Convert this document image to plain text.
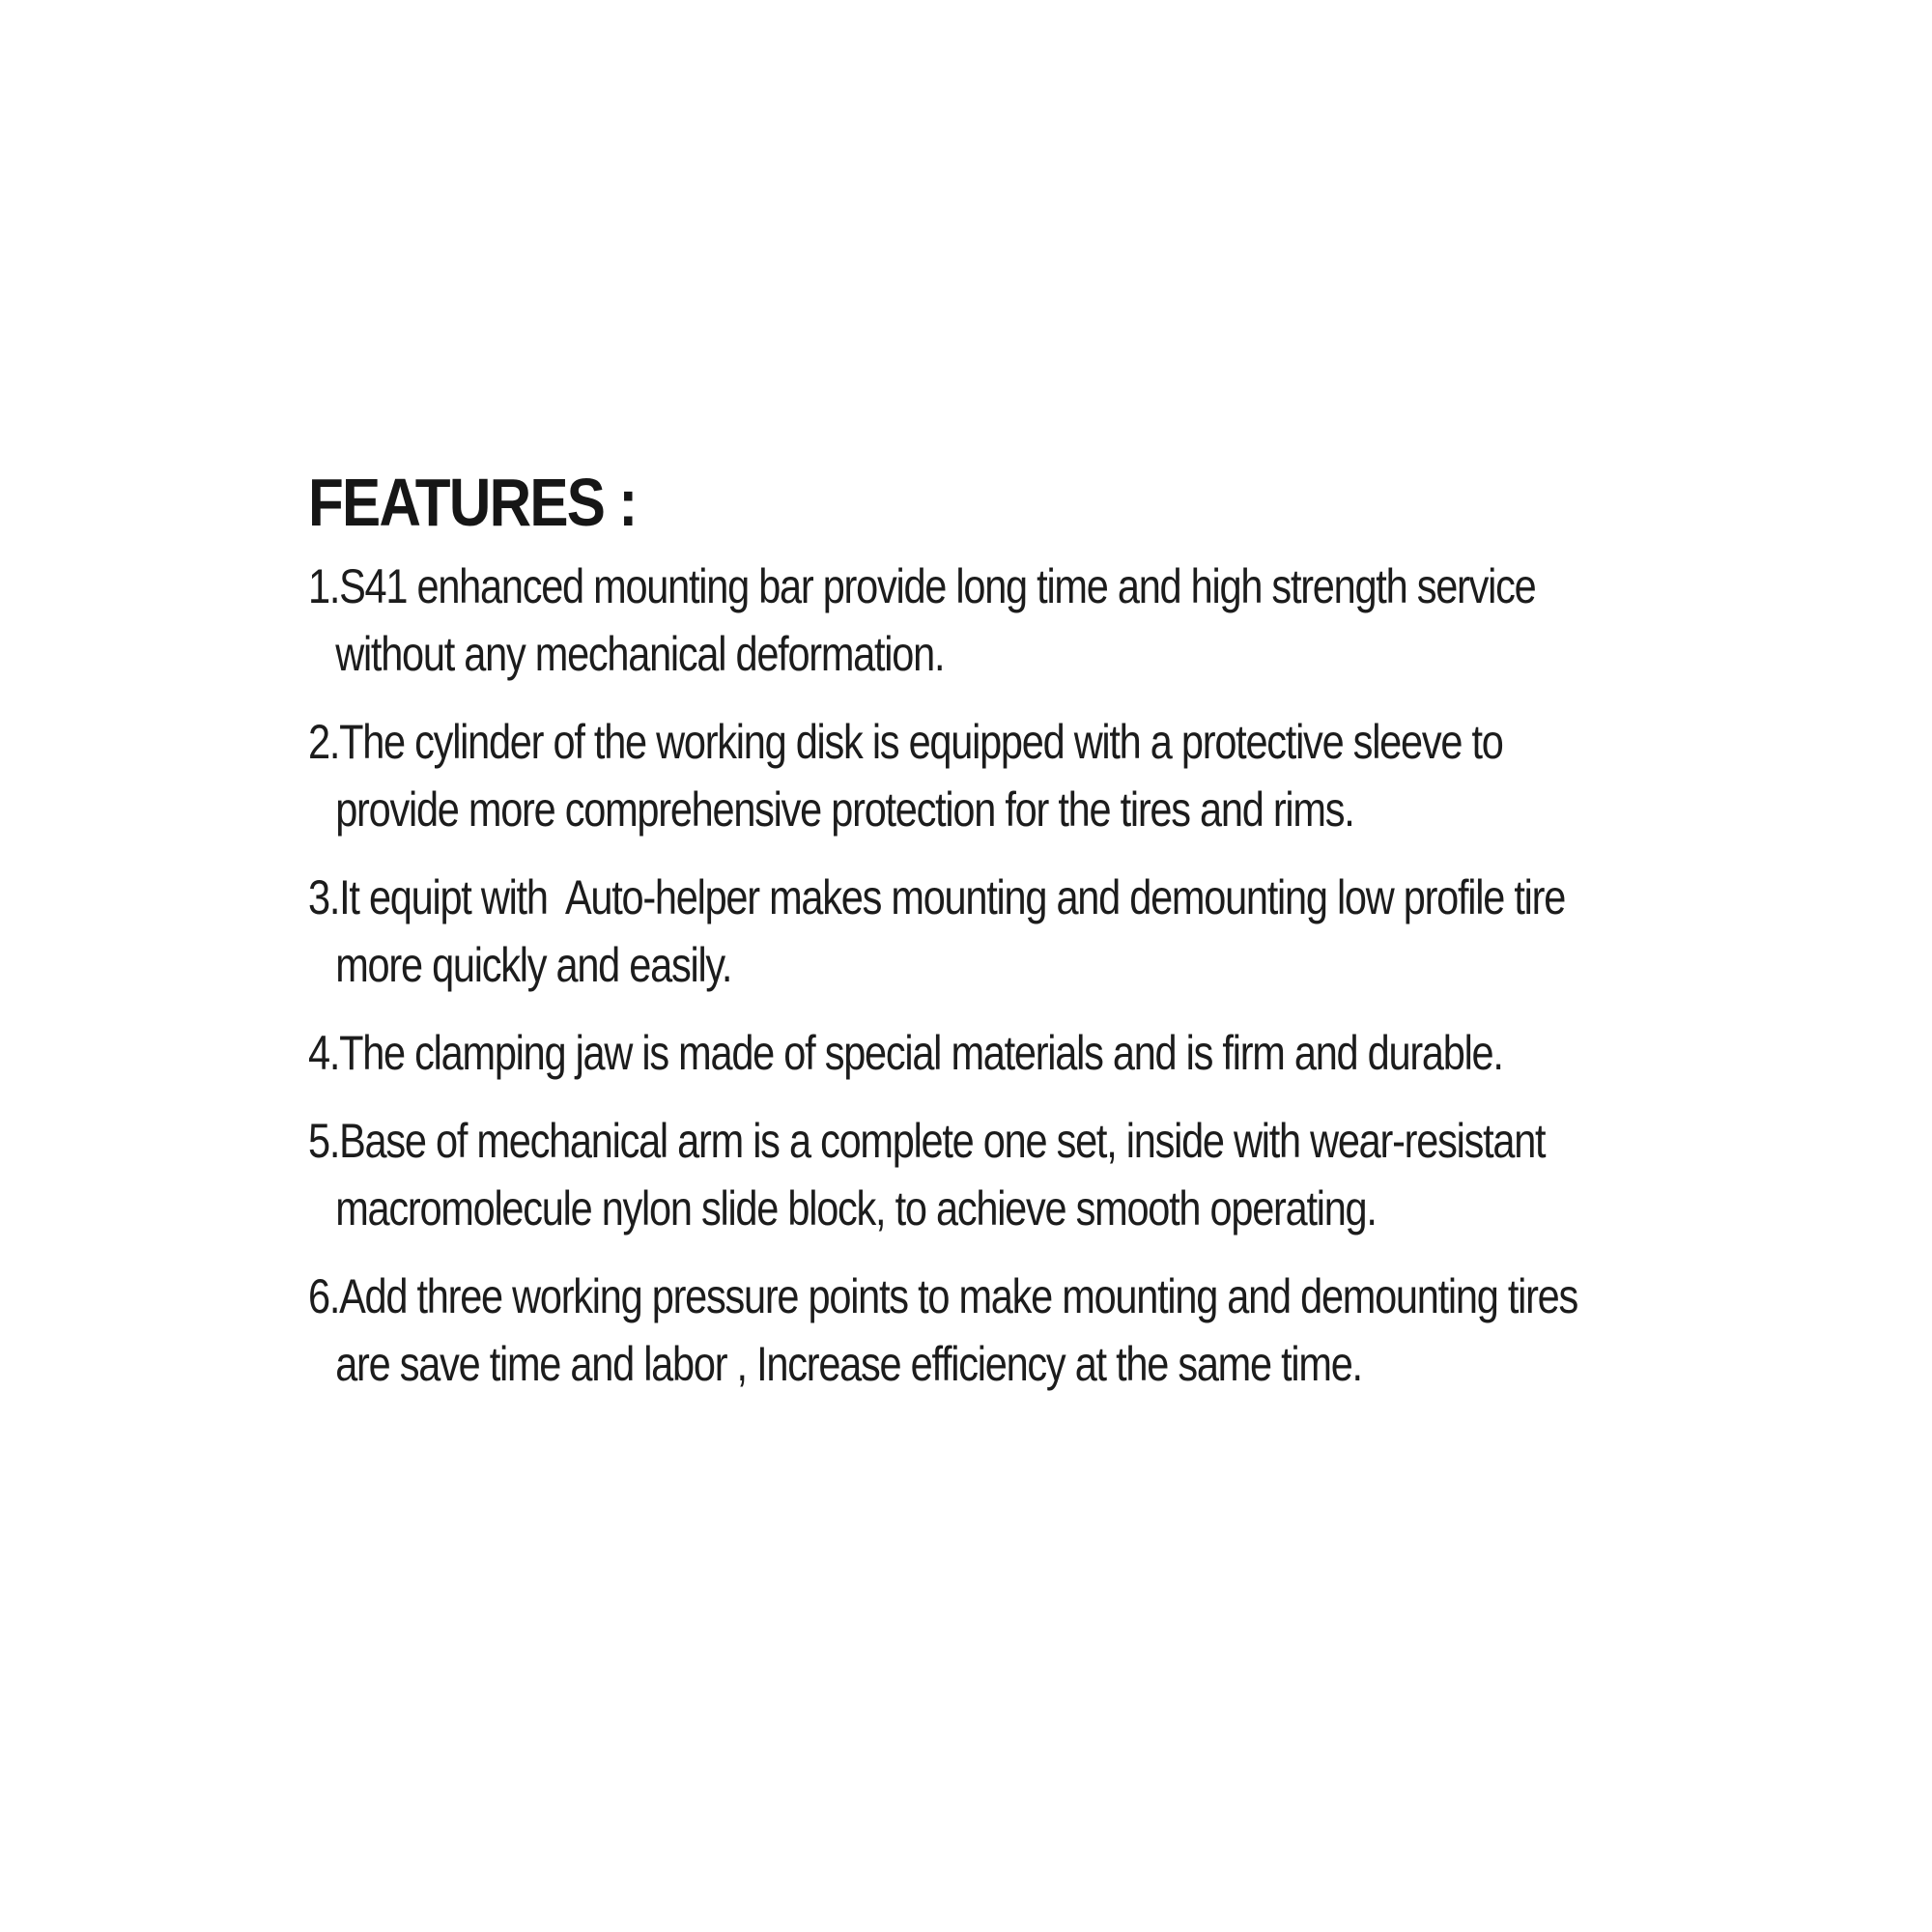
FEATURES :
1.S41 enhanced mounting bar provide long time and high strength service
without any mechanical deformation.
2.The cylinder of the working disk is equipped with a protective sleeve to
provide more comprehensive protection for the tires and rims.
3.It equipt with  Auto-helper makes mounting and demounting low profile tire
more quickly and easily.
4.The clamping jaw is made of special materials and is firm and durable.
5.Base of mechanical arm is a complete one set, inside with wear-resistant
macromolecule nylon slide block, to achieve smooth operating.
6.Add three working pressure points to make mounting and demounting tires
are save time and labor , Increase efficiency at the same time.
